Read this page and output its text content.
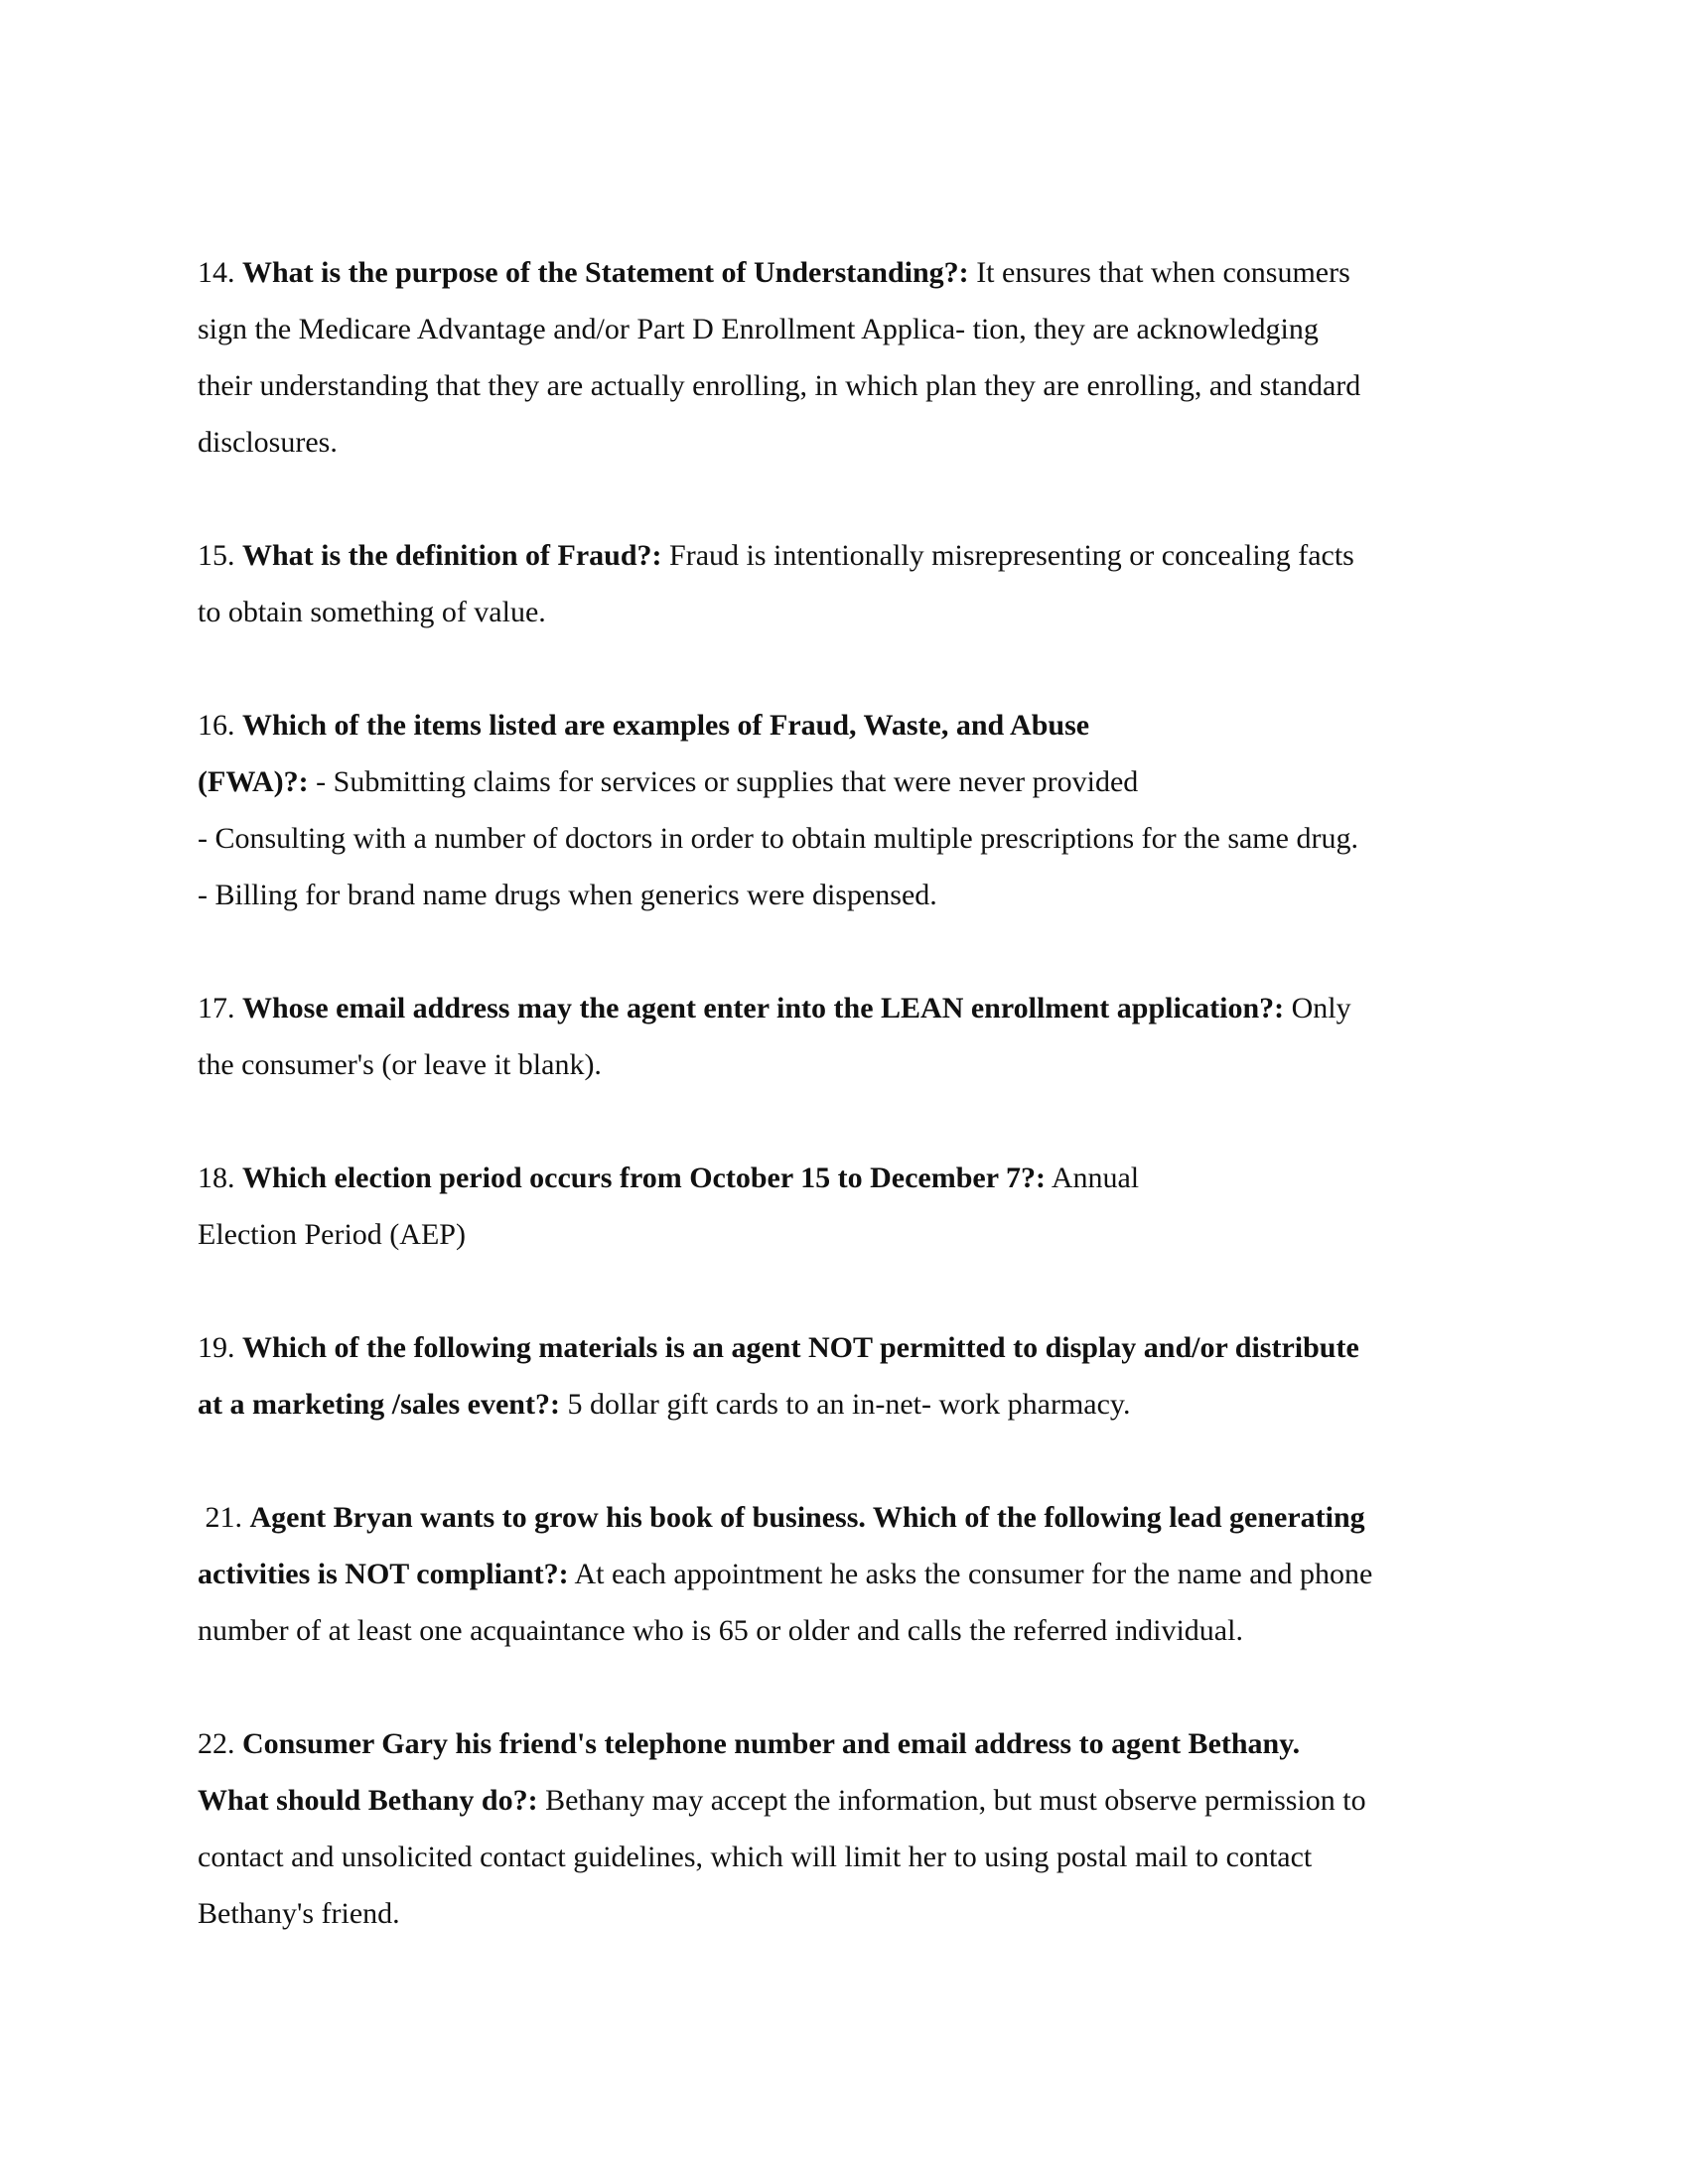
14. What is the purpose of the Statement of Understanding?: It ensures that when consumers
sign the Medicare Advantage and/or Part D Enrollment Applica- tion, they are acknowledging
their understanding that they are actually enrolling, in which plan they are enrolling, and standard
disclosures.
15. What is the definition of Fraud?: Fraud is intentionally misrepresenting or concealing facts
to obtain something of value.
16. Which of the items listed are examples of Fraud, Waste, and Abuse
(FWA)?: - Submitting claims for services or supplies that were never provided
- Consulting with a number of doctors in order to obtain multiple prescriptions for the same drug.
- Billing for brand name drugs when generics were dispensed.
17. Whose email address may the agent enter into the LEAN enrollment application?: Only
the consumer's (or leave it blank).
18. Which election period occurs from October 15 to December 7?: Annual
Election Period (AEP)
19. Which of the following materials is an agent NOT permitted to display and/or distribute
at a marketing /sales event?: 5 dollar gift cards to an in-net- work pharmacy.
21. Agent Bryan wants to grow his book of business. Which of the following lead generating
activities is NOT compliant?: At each appointment he asks the consumer for the name and phone
number of at least one acquaintance who is 65 or older and calls the referred individual.
22. Consumer Gary his friend's telephone number and email address to agent Bethany.
What should Bethany do?: Bethany may accept the information, but must observe permission to
contact and unsolicited contact guidelines, which will limit her to using postal mail to contact
Bethany's friend.
